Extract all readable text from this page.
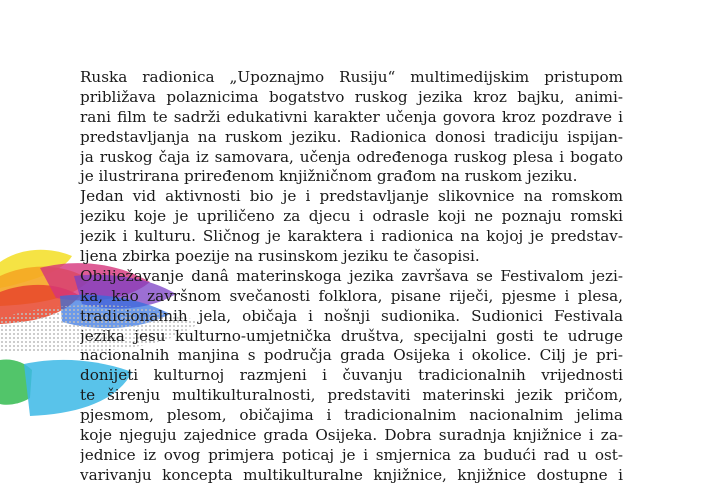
Ruska radionica „Upoznajmo Rusiju“ multimedijskim pristupom
približava polaznicima bogatstvo ruskog jezika kroz bajku, animi-
rani film te sadrži edukativni karakter učenja govora kroz pozdrave i
predstavljanja na ruskom jeziku. Radionica donosi tradiciju ispijan-
ja ruskog čaja iz samovara, učenja određenoga ruskog plesa i bogato
je ilustrirana priređenom knjižničnom građom na ruskom jeziku.
Jedan vid aktivnosti bio je i predstavljanje slikovnice na romskom
jeziku koje je upriličeno za djecu i odrasle koji ne poznaju romski
jezik i kulturu. Sličnog je karaktera i radionica na kojoj je predstav-
ljena zbirka poezije na rusinskom jeziku te časopisi.
Obilježavanje danâ materinskoga jezika završava se Festivalom jezi-
ka, kao završnom svečanosti folklora, pisane riječi, pjesme i plesa,
tradicionalnih jela, običaja i nošnji sudionika. Sudionici Festivala
jezika jesu kulturno-umjetnička društva, specijalni gosti te udruge
nacionalnih manjina s područja grada Osijeka i okolice. Cilj je pri-
donijeti kulturnoj razmjeni i čuvanju tradicionalnih vrijednosti
te širenju multikulturalnosti, predstaviti materinski jezik pričom,
pjesmom, plesom, običajima i tradicionalnim nacionalnim jelima
koje njeguju zajednice grada Osijeka. Dobra suradnja knjižnice i za-
jednice iz ovog primjera poticaj je i smjernica za budući rad u ost-
varivanju koncepta multikulturalne knjižnice, knjižnice dostupne i
